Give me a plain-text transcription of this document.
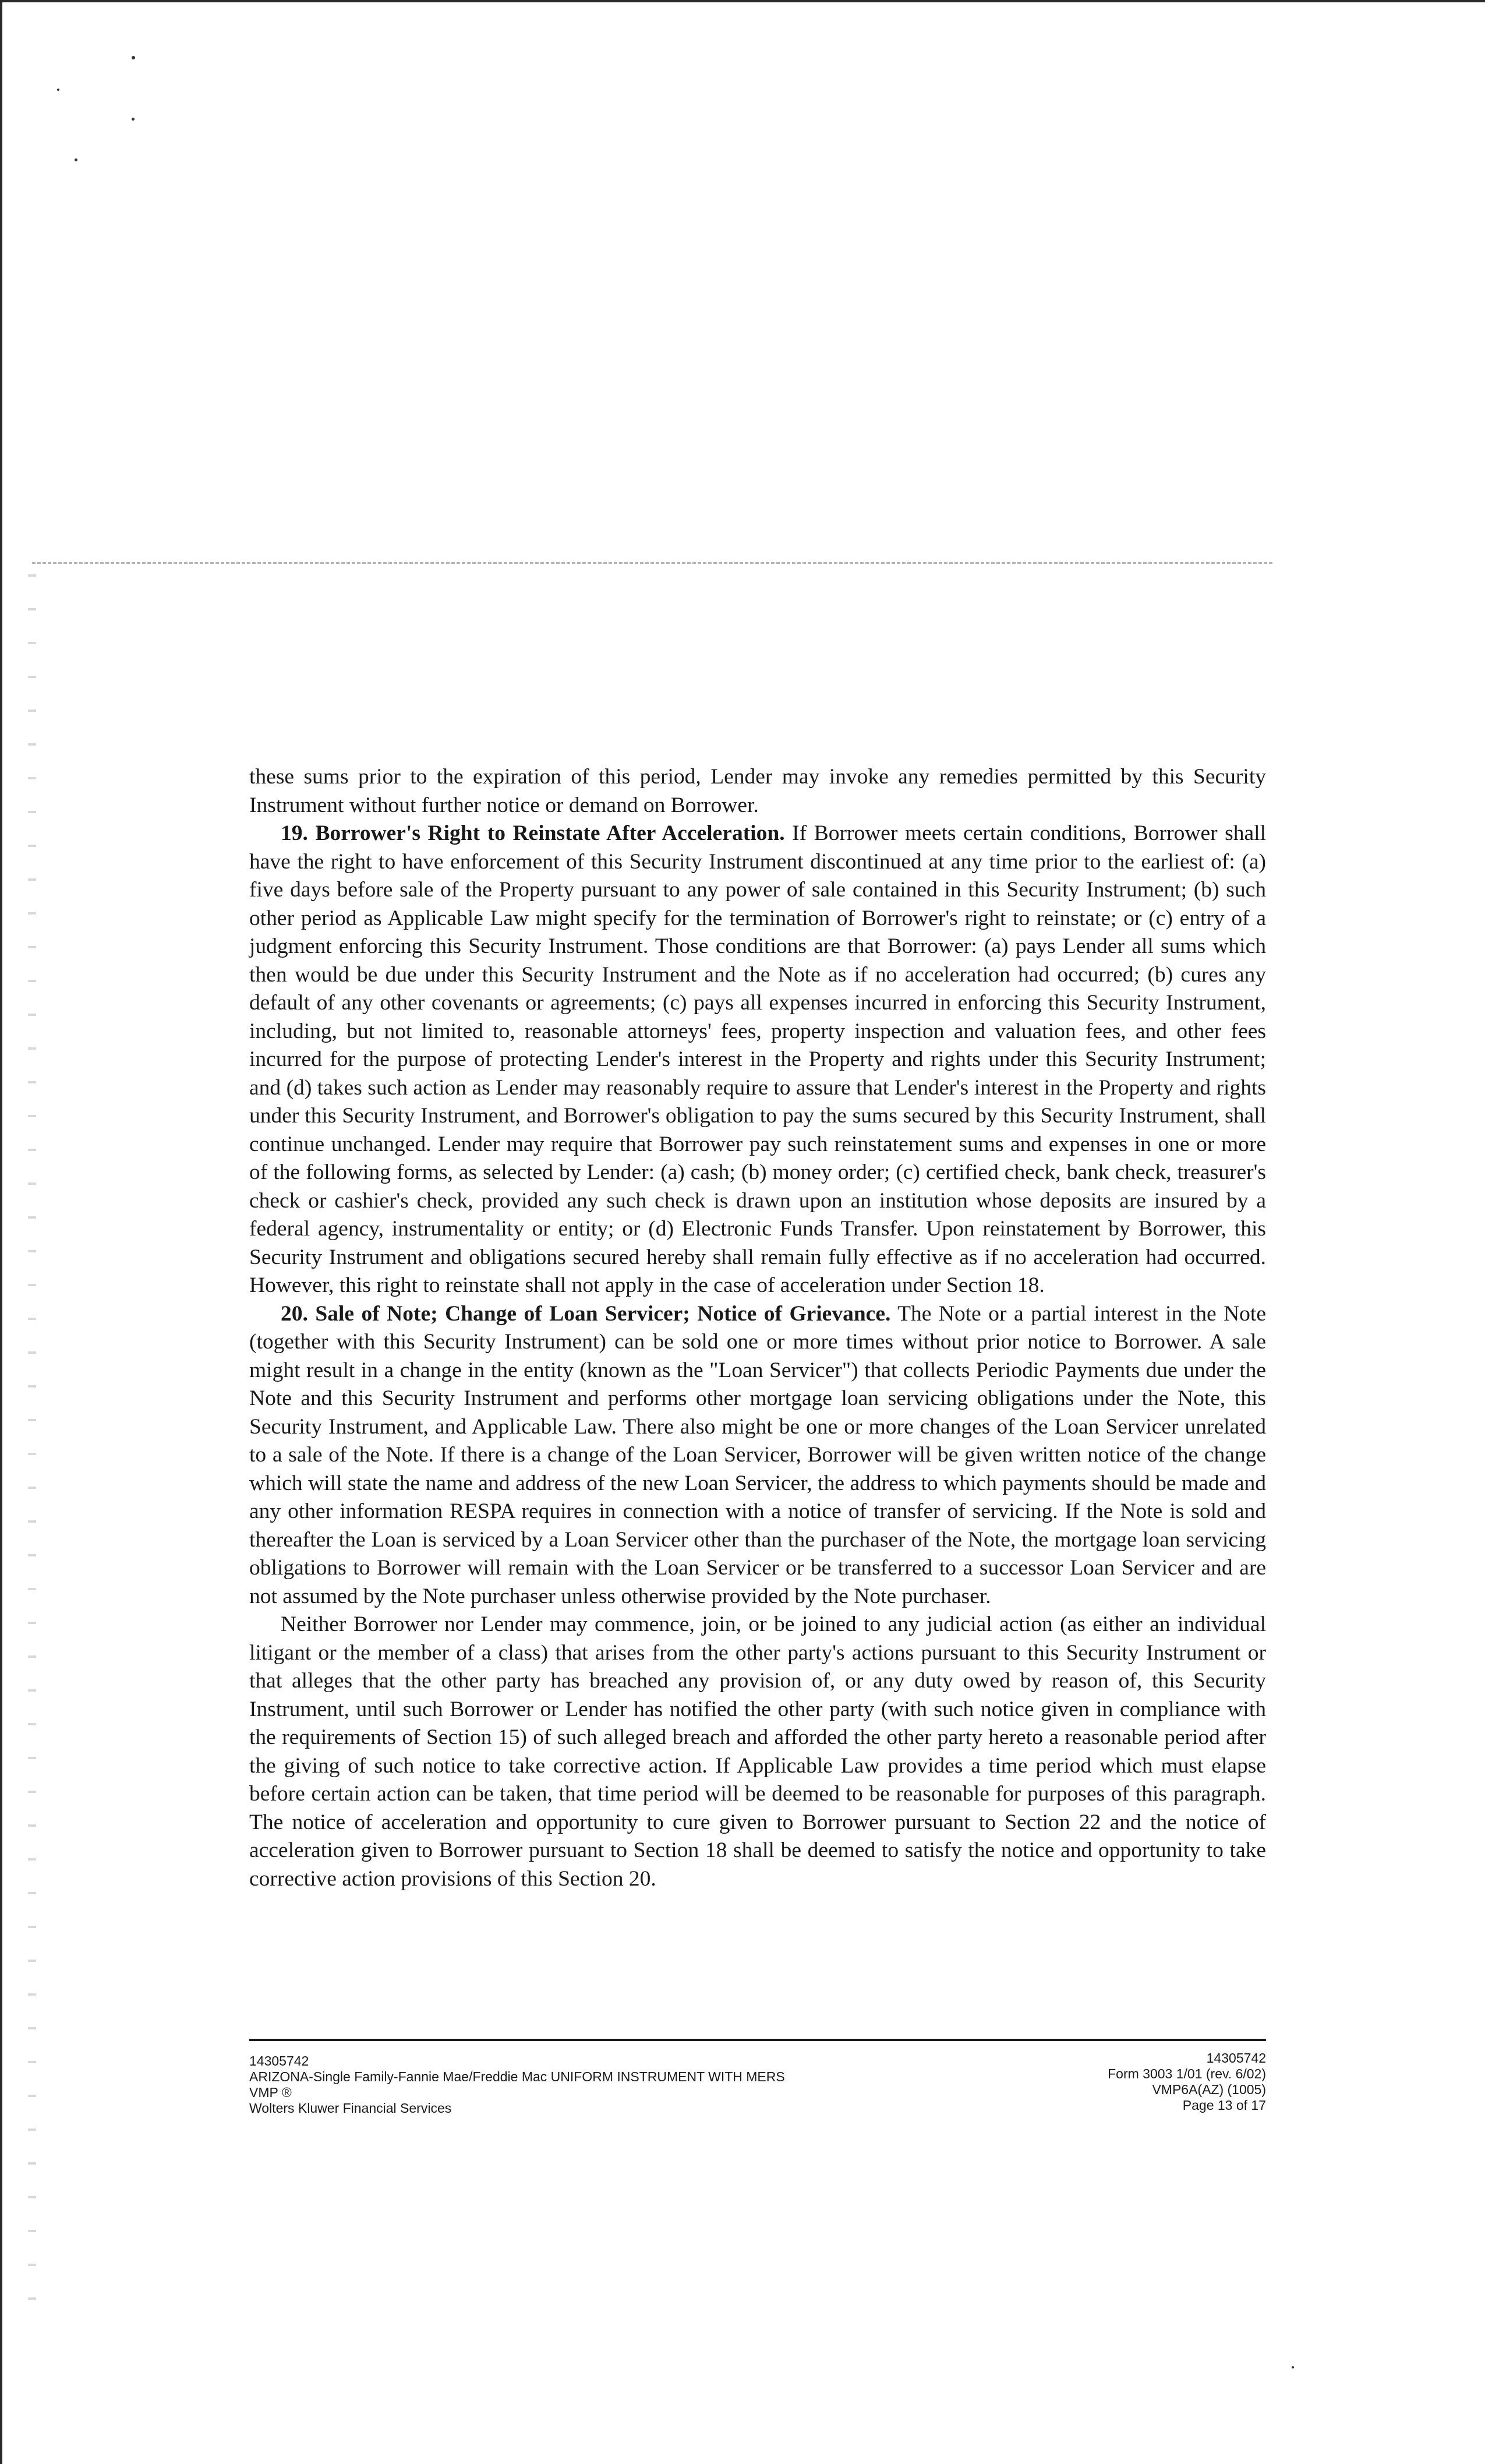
these sums prior to the expiration of this period, Lender may invoke any remedies permitted by this Security Instrument without further notice or demand on Borrower.

19. Borrower's Right to Reinstate After Acceleration. If Borrower meets certain conditions, Borrower shall have the right to have enforcement of this Security Instrument discontinued at any time prior to the earliest of: (a) five days before sale of the Property pursuant to any power of sale contained in this Security Instrument; (b) such other period as Applicable Law might specify for the termination of Borrower's right to reinstate; or (c) entry of a judgment enforcing this Security Instrument. Those conditions are that Borrower: (a) pays Lender all sums which then would be due under this Security Instrument and the Note as if no acceleration had occurred; (b) cures any default of any other covenants or agreements; (c) pays all expenses incurred in enforcing this Security Instrument, including, but not limited to, reasonable attorneys' fees, property inspection and valuation fees, and other fees incurred for the purpose of protecting Lender's interest in the Property and rights under this Security Instrument; and (d) takes such action as Lender may reasonably require to assure that Lender's interest in the Property and rights under this Security Instrument, and Borrower's obligation to pay the sums secured by this Security Instrument, shall continue unchanged. Lender may require that Borrower pay such reinstatement sums and expenses in one or more of the following forms, as selected by Lender: (a) cash; (b) money order; (c) certified check, bank check, treasurer's check or cashier's check, provided any such check is drawn upon an institution whose deposits are insured by a federal agency, instrumentality or entity; or (d) Electronic Funds Transfer. Upon reinstatement by Borrower, this Security Instrument and obligations secured hereby shall remain fully effective as if no acceleration had occurred. However, this right to reinstate shall not apply in the case of acceleration under Section 18.

20. Sale of Note; Change of Loan Servicer; Notice of Grievance. The Note or a partial interest in the Note (together with this Security Instrument) can be sold one or more times without prior notice to Borrower. A sale might result in a change in the entity (known as the "Loan Servicer") that collects Periodic Payments due under the Note and this Security Instrument and performs other mortgage loan servicing obligations under the Note, this Security Instrument, and Applicable Law. There also might be one or more changes of the Loan Servicer unrelated to a sale of the Note. If there is a change of the Loan Servicer, Borrower will be given written notice of the change which will state the name and address of the new Loan Servicer, the address to which payments should be made and any other information RESPA requires in connection with a notice of transfer of servicing. If the Note is sold and thereafter the Loan is serviced by a Loan Servicer other than the purchaser of the Note, the mortgage loan servicing obligations to Borrower will remain with the Loan Servicer or be transferred to a successor Loan Servicer and are not assumed by the Note purchaser unless otherwise provided by the Note purchaser.

Neither Borrower nor Lender may commence, join, or be joined to any judicial action (as either an individual litigant or the member of a class) that arises from the other party's actions pursuant to this Security Instrument or that alleges that the other party has breached any provision of, or any duty owed by reason of, this Security Instrument, until such Borrower or Lender has notified the other party (with such notice given in compliance with the requirements of Section 15) of such alleged breach and afforded the other party hereto a reasonable period after the giving of such notice to take corrective action. If Applicable Law provides a time period which must elapse before certain action can be taken, that time period will be deemed to be reasonable for purposes of this paragraph. The notice of acceleration and opportunity to cure given to Borrower pursuant to Section 22 and the notice of acceleration given to Borrower pursuant to Section 18 shall be deemed to satisfy the notice and opportunity to take corrective action provisions of this Section 20.

14305742
ARIZONA-Single Family-Fannie Mae/Freddie Mac UNIFORM INSTRUMENT WITH MERS
VMP ®
Wolters Kluwer Financial Services
14305742
Form 3003 1/01 (rev. 6/02)
VMP6A(AZ) (1005)
Page 13 of 17
